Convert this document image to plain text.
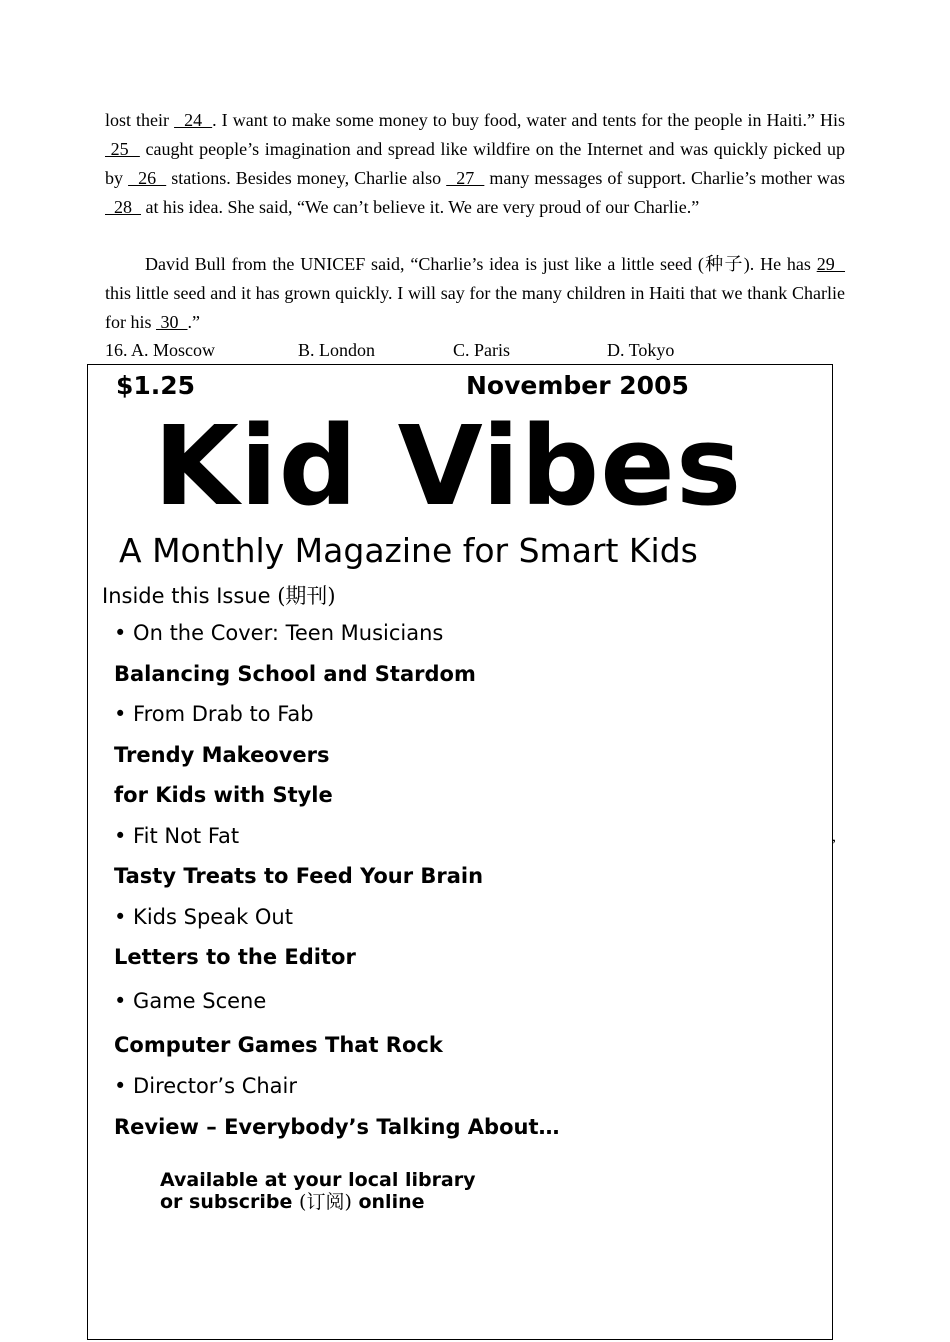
lost their   24  . I want to make some money to buy food, water and tents for the people in Haiti.” His  25   caught people’s imagination and spread like wildfire on the Internet and was quickly picked up by   26   stations. Besides money, Charlie also   27   many messages of support. Charlie’s mother was   28   at his idea. She said, “We can’t believe it. We are very proud of our Charlie.”

David Bull from the UNICEF said, “Charlie’s idea is just like a little seed (种子). He has 29   this little seed and it has grown quickly. I will say for the many children in Haiti that we thank Charlie for his  30  .”

16. A. Moscow	B. London	C. Paris	D. Tokyo
$1.25	November 2005
Kid Vibes
A Monthly Magazine for Smart Kids
Inside this Issue (期刊)
• On the Cover: Teen Musicians
Balancing School and Stardom
• From Drab to Fab
Trendy Makeovers
for Kids with Style
• Fit Not Fat
Tasty Treats to Feed Your Brain
• Kids Speak Out
Letters to the Editor
• Game Scene
Computer Games That Rock
• Director’s Chair
Review – Everybody’s Talking About…
Available at your local library
or subscribe (订阅) online
,
